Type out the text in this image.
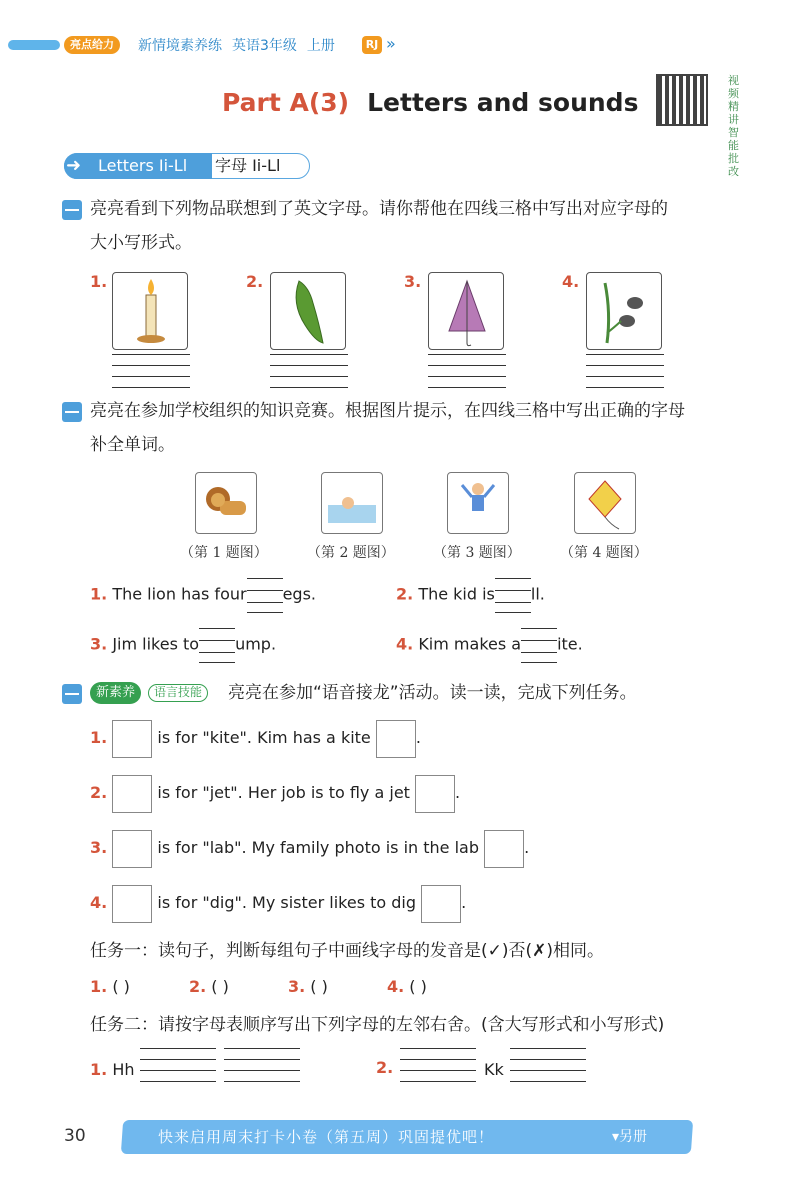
亮点给力	新情境素养练 英语3年级 上册	RJ »
Part A(3) Letters and sounds
视频精讲 智能批改
Letters Ii-Ll
➜	字母 Ii-Ll
亮亮看到下列物品联想到了英文字母。请你帮他在四线三格中写出对应字母的
大小写形式。
1.	2.	3.	4.
亮亮在参加学校组织的知识竞赛。根据图片提示，在四线三格中写出正确的字母
补全单词。
（第 1 题图）	（第 2 题图）	（第 3 题图）	（第 4 题图）
1. The lion has four egs.	2. The kid is ll.
3. Jim likes to ump.	4. Kim makes a ite.
新素养	语言技能	亮亮在参加“语音接龙”活动。读一读，完成下列任务。
1.	is for "kite". Kim has a kite	.
2.	is for "jet". Her job is to fly a jet	.
3.	is for "lab". My family photo is in the lab	.
4.	is for "dig". My sister likes to dig	.
任务一：读句子，判断每组句子中画线字母的发音是(✓)否(✗)相同。
1. ( )	2. ( )	3. ( )	4. ( )
任务二：请按字母表顺序写出下列字母的左邻右舍。(含大写形式和小写形式)
1. Hh	2.	Kk
30	快来启用周末打卡小卷（第五周）巩固提优吧！	▾另册
